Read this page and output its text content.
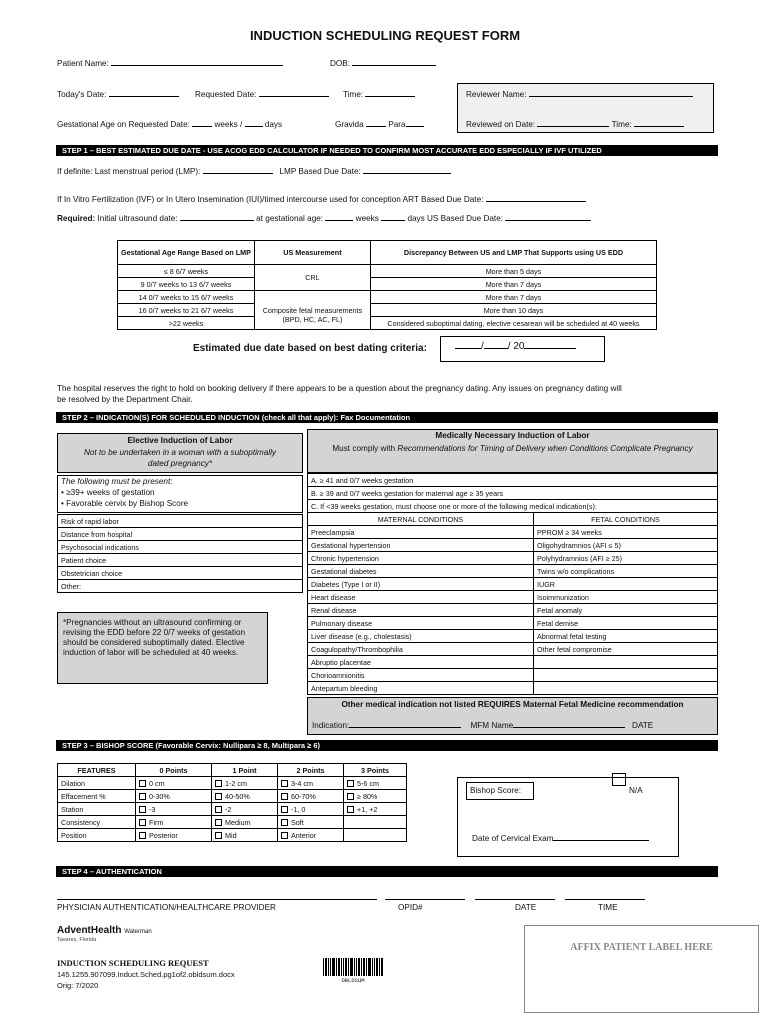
INDUCTION SCHEDULING REQUEST FORM
Patient Name:	DOB:
Today's Date:	Requested Date:	Time:
Gestational Age on Requested Date:	weeks /	days	Gravida	Para
Reviewer Name:
Reviewed on Date:	Time:
STEP 1 – BEST ESTIMATED DUE DATE - USE ACOG EDD CALCULATOR IF NEEDED TO CONFIRM MOST ACCURATE EDD ESPECIALLY IF IVF UTILIZED
If definite: Last menstrual period (LMP):	LMP Based Due Date:
If In Vitro Fertilization (IVF) or In Utero Insemination (IUI)/timed intercourse used for conception ART Based Due Date:
Required: Initial ultrasound date:	at gestational age:	weeks	days US Based Due Date:
Gestational Age Range Based on LMP	US Measurement	Discrepancy Between US and LMP That Supports using US EDD
≤ 8 6/7 weeks	CRL	More than 5 days
9 0/7 weeks to 13 6/7 weeks		More than 7 days
14 0/7 weeks to 15 6/7 weeks	Composite fetal measurements (BPD, HC, AC, FL)	More than 7 days
16 0/7 weeks to 21 6/7 weeks		More than 10 days
>22 weeks		Considered suboptimal dating, elective cesarean will be scheduled at 40 weeks
Estimated due date based on best dating criteria:	/ / 20
The hospital reserves the right to hold on booking delivery if there appears to be a question about the pregnancy dating. Any issues on pregnancy dating will
be resolved by the Department Chair.
STEP 2 – INDICATION(S) FOR SCHEDULED INDUCTION (check all that apply): Fax Documentation
Elective Induction of Labor
Not to be undertaken in a woman with a suboptimally dated pregnancy*
The following must be present:
• ≥39+ weeks of gestation
• Favorable cervix by Bishop Score
Risk of rapid labor
Distance from hospital
Psychosocial indications
Patient choice
Obstetrician choice
Other:
*Pregnancies without an ultrasound confirming or revising the EDD before 22 0/7 weeks of gestation should be considered suboptimally dated. Elective induction of labor will be scheduled at 40 weeks.
Medically Necessary Induction of Labor
Must comply with Recommendations for Timing of Delivery when Conditions Complicate Pregnancy
A. ≥ 41 and 0/7 weeks gestation	
B. ≥ 39 and 0/7 weeks gestation for maternal age ≥ 35 years	
C. If <39 weeks gestation, must choose one or more of the following medical indication(s):	
MATERNAL CONDITIONS	FETAL CONDITIONS
Preeclampsia	PPROM ≥ 34 weeks
Gestational hypertension	Oligohydramnios (AFI ≤ 5)
Chronic hypertension	Polyhydramnios (AFI ≥ 25)
Gestational diabetes	Twins w/o complications
Diabetes (Type I or II)	IUGR
Heart disease	Isoimmunization
Renal disease	Fetal anomaly
Pulmonary disease	Fetal demise
Liver disease (e.g., cholestasis)	Abnormal fetal testing
Coagulopathy/Thrombophilia	Other fetal compromise
Abruptio placentae	
Chorioamnionitis	
Antepartum bleeding	
Other medical indication not listed REQUIRES Maternal Fetal Medicine recommendation
Indication:	MFM Name	DATE
STEP 3 – BISHOP SCORE (Favorable Cervix: Nullipara ≥ 8, Multipara ≥ 6)
FEATURES	0 Points	1 Point	2 Points	3 Points
Dilation	0 cm	1-2 cm	3-4 cm	5-6 cm
Effacement %	0-30%	40-50%	60-70%	≥ 80%
Station	-3	-2	-1, 0	+1, +2
Consistency	Firm	Medium	Soft	
Position	Posterior	Mid	Anterior	
Bishop Score:	N/A
Date of Cervical Exam
STEP 4 – AUTHENTICATION
PHYSICIAN AUTHENTICATION/HEALTHCARE PROVIDER	OPID#	DATE	TIME
AdventHealth Waterman
Tavares, Florida
INDUCTION SCHEDULING REQUEST
145.1255.907099.Induct.Sched.pg1of2.obldsum.docx
Orig: 7/2020
OBLDSUM
AFFIX PATIENT LABEL HERE
